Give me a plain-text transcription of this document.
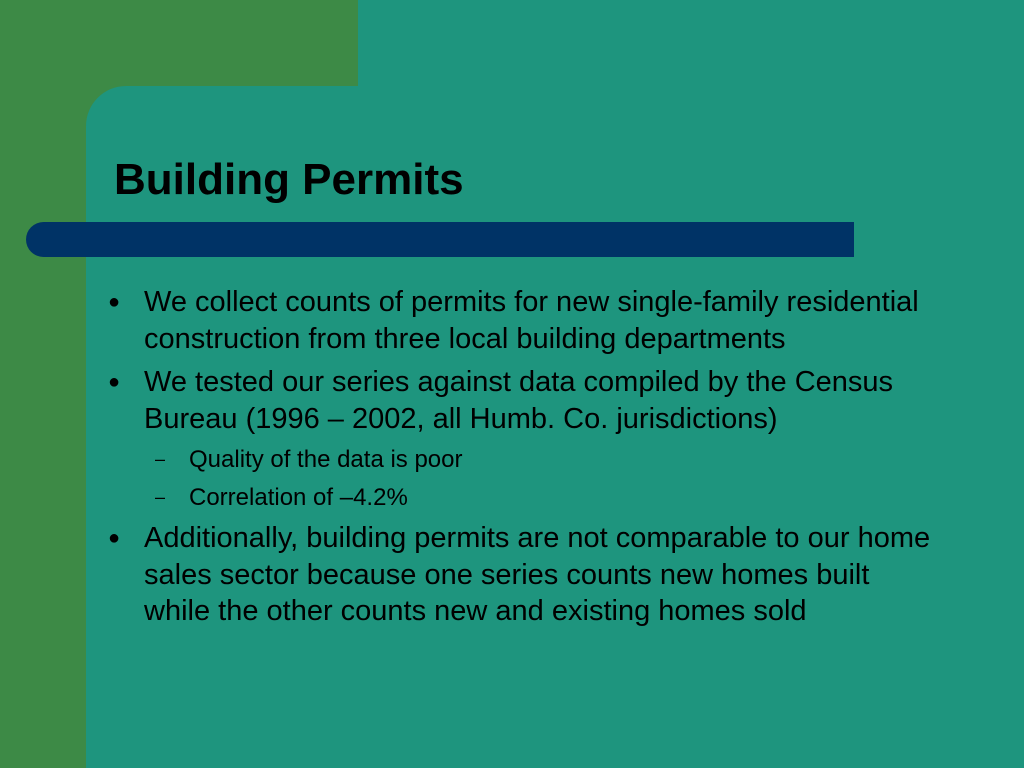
Building Permits
● We collect counts of permits for new single-family residential construction from three local building departments
● We tested our series against data compiled by the Census Bureau (1996 – 2002, all Humb. Co. jurisdictions)
– Quality of the data is poor
– Correlation of –4.2%
● Additionally, building permits are not comparable to our home sales sector because one series counts new homes built while the other counts new and existing homes sold
